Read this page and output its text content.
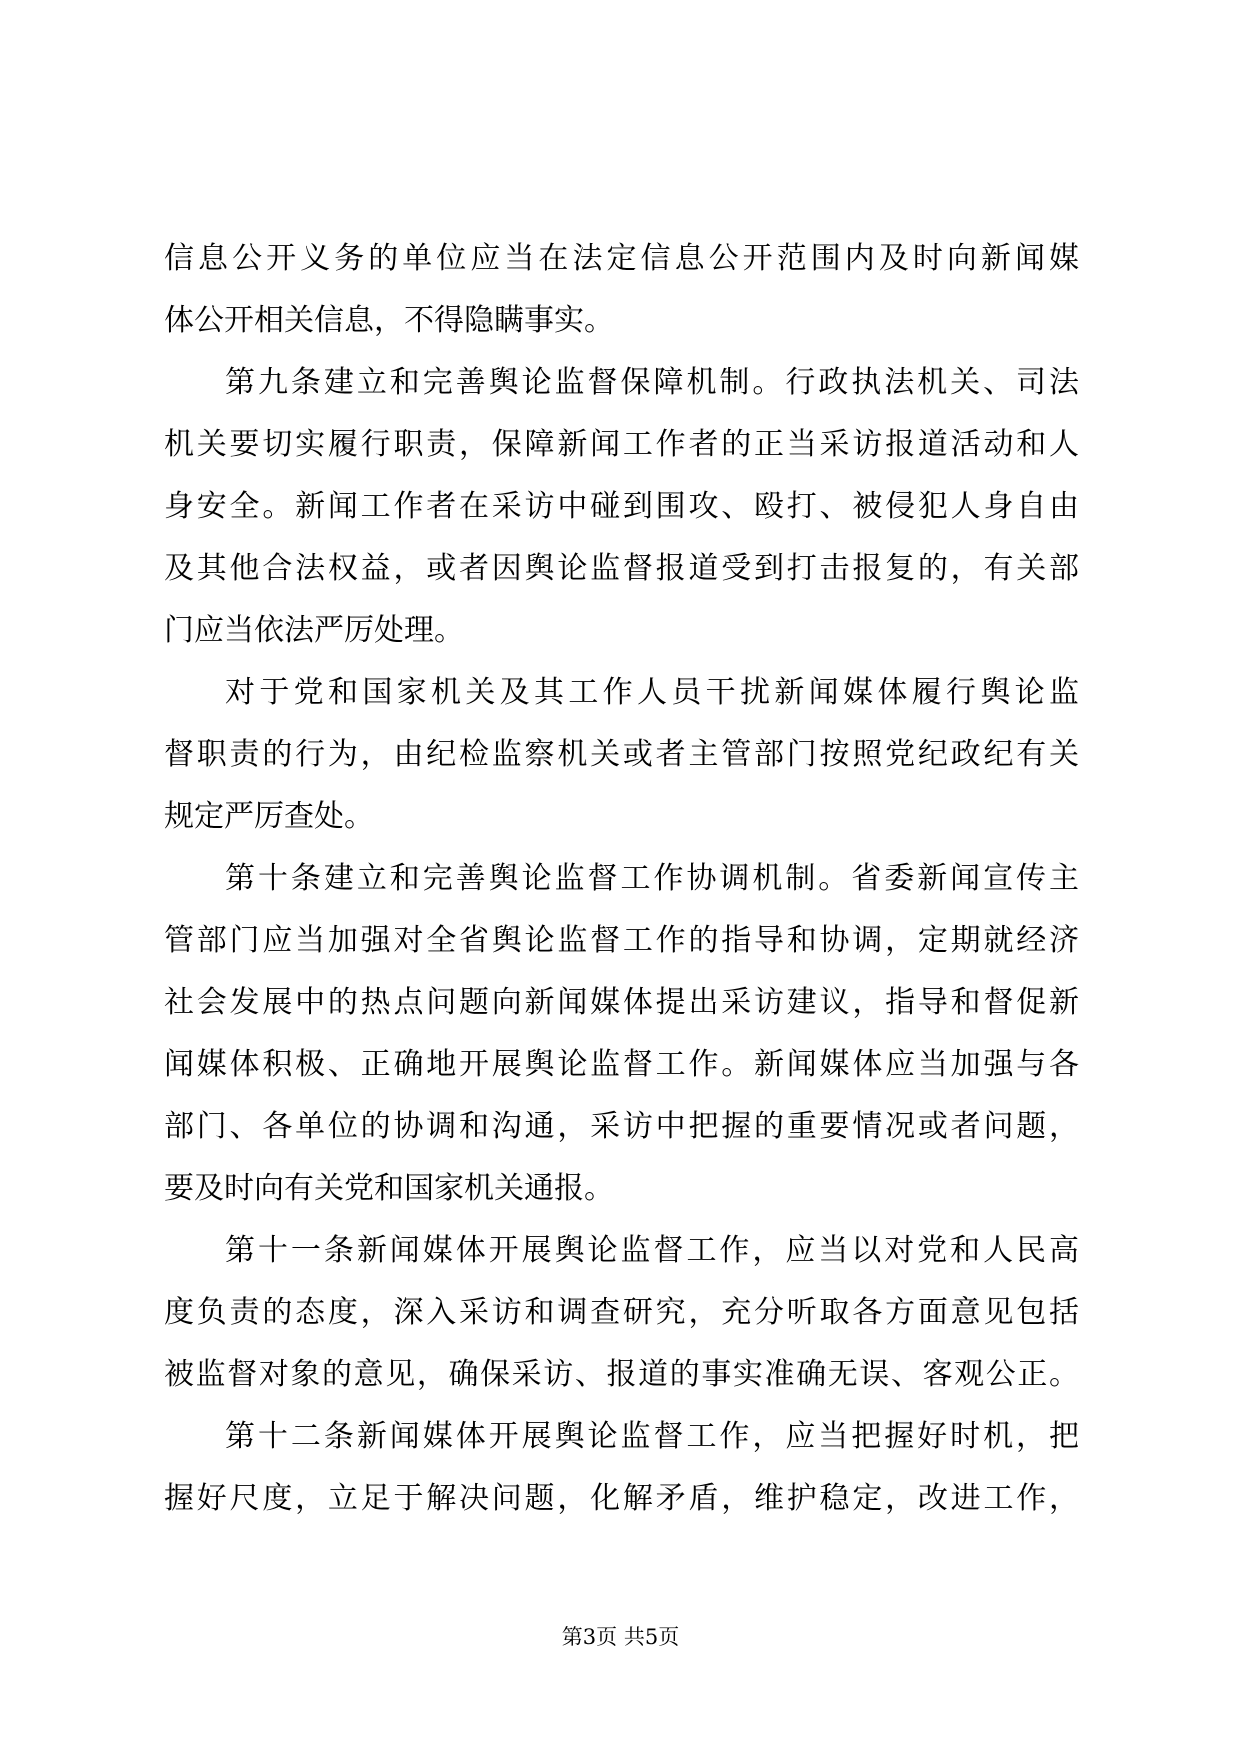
信息公开义务的单位应当在法定信息公开范围内及时向新闻媒
体公开相关信息，不得隐瞒事实。
第九条建立和完善舆论监督保障机制。行政执法机关、司法
机关要切实履行职责，保障新闻工作者的正当采访报道活动和人
身安全。新闻工作者在采访中碰到围攻、殴打、被侵犯人身自由
及其他合法权益，或者因舆论监督报道受到打击报复的，有关部
门应当依法严厉处理。
对于党和国家机关及其工作人员干扰新闻媒体履行舆论监
督职责的行为，由纪检监察机关或者主管部门按照党纪政纪有关
规定严厉查处。
第十条建立和完善舆论监督工作协调机制。省委新闻宣传主
管部门应当加强对全省舆论监督工作的指导和协调，定期就经济
社会发展中的热点问题向新闻媒体提出采访建议，指导和督促新
闻媒体积极、正确地开展舆论监督工作。新闻媒体应当加强与各
部门、各单位的协调和沟通，采访中把握的重要情况或者问题，
要及时向有关党和国家机关通报。
第十一条新闻媒体开展舆论监督工作，应当以对党和人民高
度负责的态度，深入采访和调查研究，充分听取各方面意见包括
被监督对象的意见，确保采访、报道的事实准确无误、客观公正。
第十二条新闻媒体开展舆论监督工作，应当把握好时机，把
握好尺度，立足于解决问题，化解矛盾，维护稳定，改进工作，
第3页 共5页
